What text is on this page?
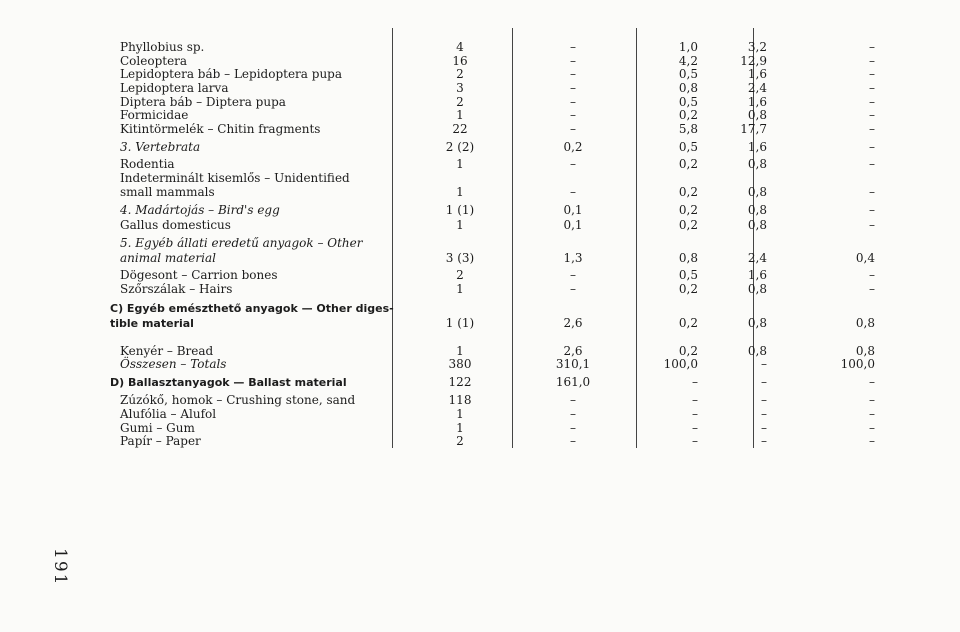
Phyllobius sp.	4	–	1,0	3,2	–
Coleoptera	16	–	4,2	12,9	–
Lepidoptera báb – Lepidoptera pupa	2	–	0,5	1,6	–
Lepidoptera larva	3	–	0,8	2,4	–
Diptera báb – Diptera pupa	2	–	0,5	1,6	–
Formicidae	1	–	0,2	0,8	–
Kitintörmelék – Chitin fragments	22	–	5,8	17,7	–
3. Vertebrata	2 (2)	0,2	0,5	1,6	–
Rodentia	1	–	0,2	0,8	–
Indeterminált kisemlős – Unidentified
small mammals	1	–	0,2	0,8	–
4. Madártojás – Bird's egg	1 (1)	0,1	0,2	0,8	–
Gallus domesticus	1	0,1	0,2	0,8	–
5. Egyéb állati eredetű anyagok – Other
animal material	3 (3)	1,3	0,8	2,4	0,4
Dögesont – Carrion bones	2	–	0,5	1,6	–
Szőrszálak – Hairs	1	–	0,2	0,8	–
C) Egyéb emészthető anyagok — Other diges-
tible material	1 (1)	2,6	0,2	0,8	0,8
Kenyér – Bread	1	2,6	0,2	0,8	0,8
Összesen – Totals	380	310,1	100,0	–	100,0
D) Ballasztanyagok — Ballast material	122	161,0	–	–	–
Zúzókő, homok – Crushing stone, sand	118	–	–	–	–
Alufólia – Alufol	1	–	–	–	–
Gumi – Gum	1	–	–	–	–
Papír – Paper	2	–	–	–	–
191
